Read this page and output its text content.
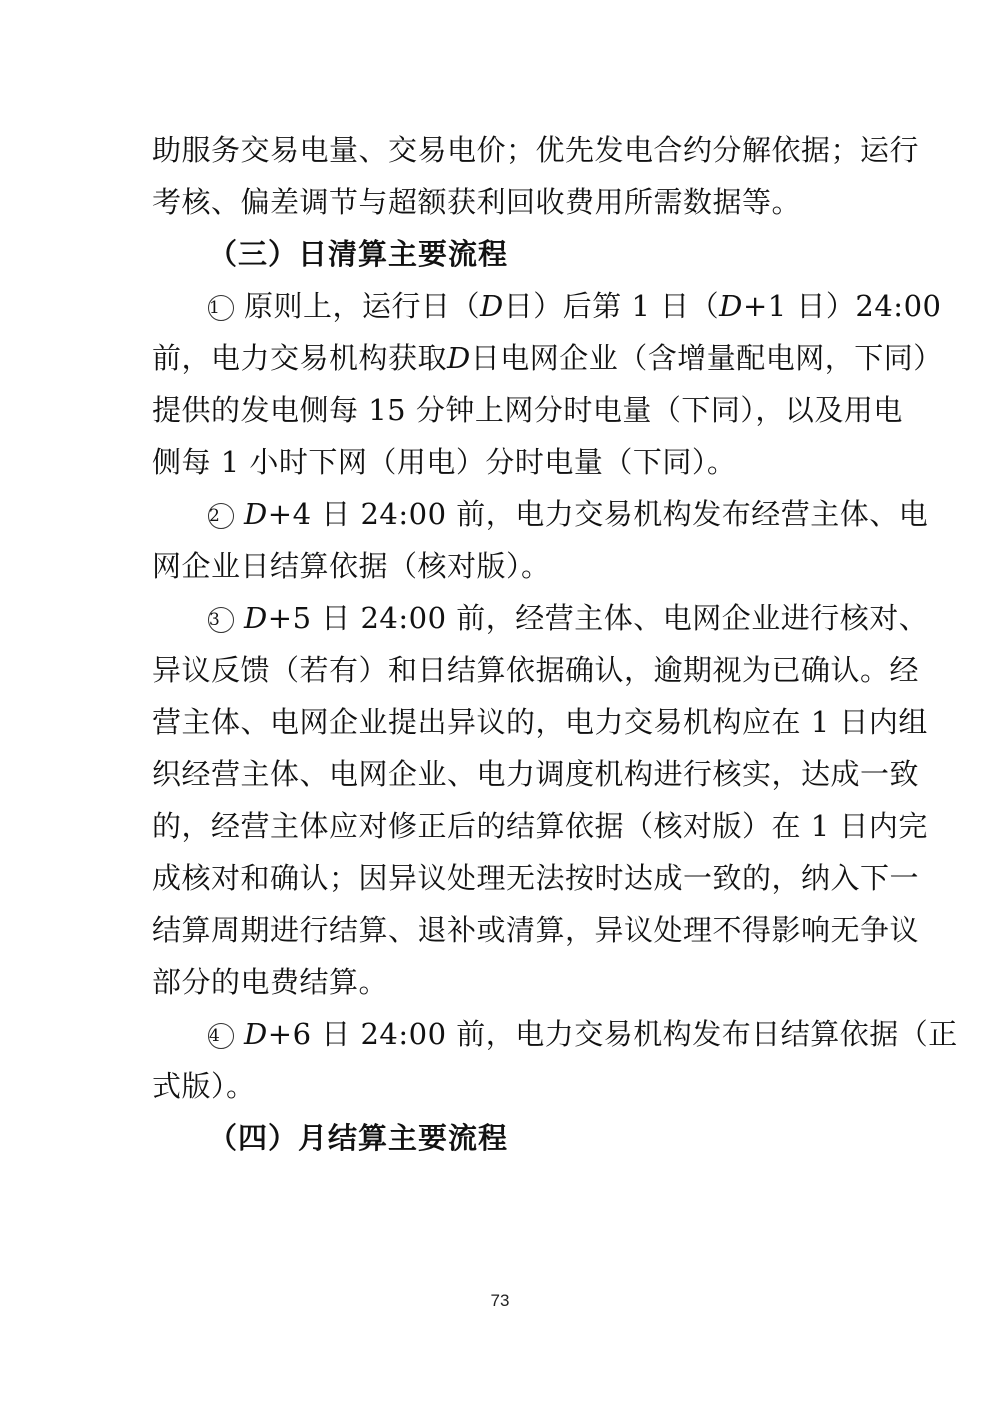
助服务交易电量、交易电价；优先发电合约分解依据；运行
考核、偏差调节与超额获利回收费用所需数据等。
（三）日清算主要流程
1 原则上，运行日（D日）后第 1 日（D+1 日）24:00
前，电力交易机构获取D日电网企业（含增量配电网，下同）
提供的发电侧每 15 分钟上网分时电量（下同），以及用电
侧每 1 小时下网（用电）分时电量（下同）。
2 D+4 日 24:00 前，电力交易机构发布经营主体、电
网企业日结算依据（核对版）。
3 D+5 日 24:00 前，经营主体、电网企业进行核对、
异议反馈（若有）和日结算依据确认，逾期视为已确认。经
营主体、电网企业提出异议的，电力交易机构应在 1 日内组
织经营主体、电网企业、电力调度机构进行核实，达成一致
的，经营主体应对修正后的结算依据（核对版）在 1 日内完
成核对和确认；因异议处理无法按时达成一致的，纳入下一
结算周期进行结算、退补或清算，异议处理不得影响无争议
部分的电费结算。
4 D+6 日 24:00 前，电力交易机构发布日结算依据（正
式版）。
（四）月结算主要流程
73
